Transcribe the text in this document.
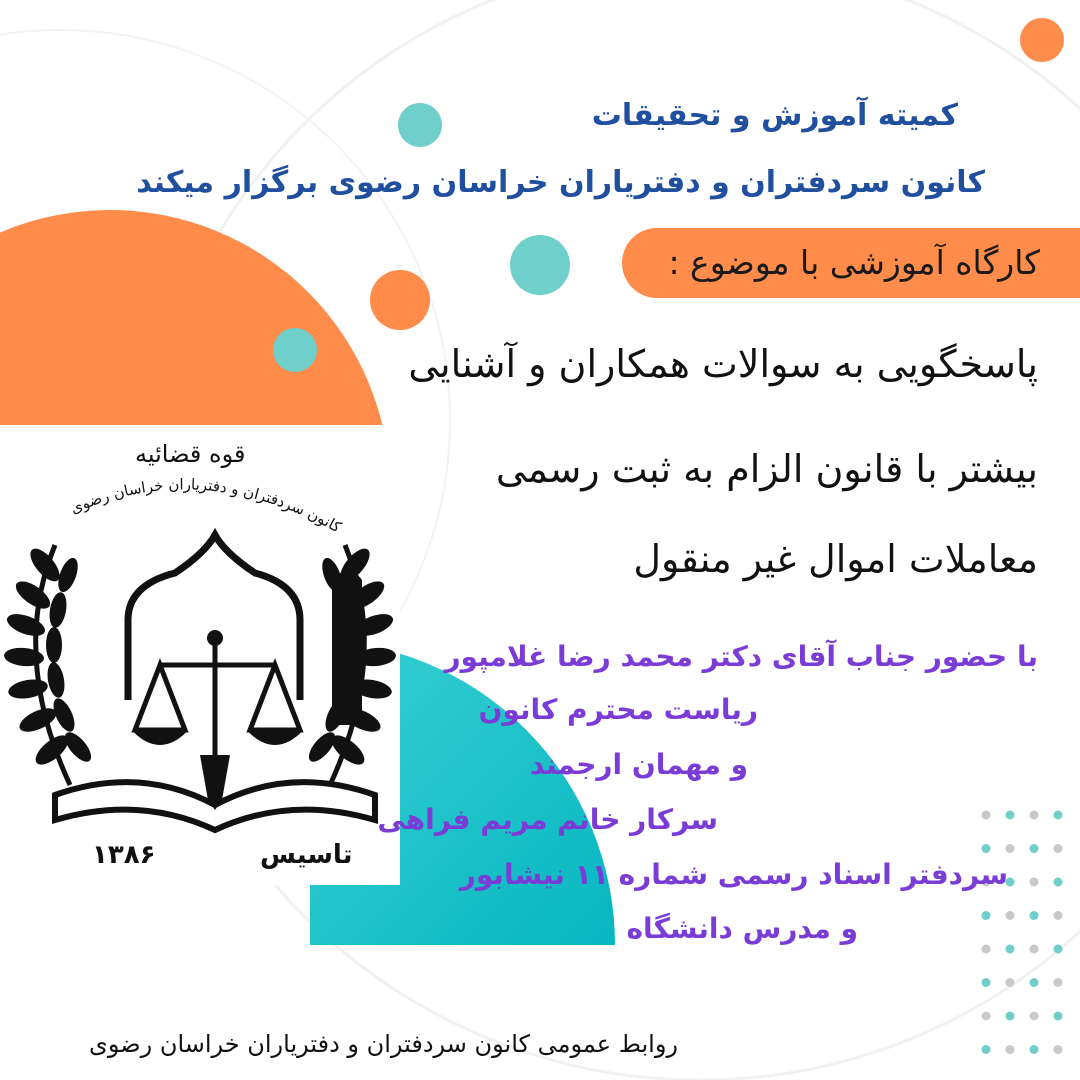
کمیته آموزش و تحقیقات
کانون سردفتران و دفتریاران خراسان رضوی برگزار میکند
کارگاه آموزشی با موضوع :
پاسخگویی به سوالات همکاران و آشنایی
بیشتر با قانون الزام به ثبت رسمی
معاملات اموال غیر منقول
با حضور جناب آقای دکتر محمد رضا غلامپور
ریاست محترم کانون
و مهمان ارجمند
سرکار خانم مریم فراهی
سردفتر اسناد رسمی شماره ۱۱ نیشابور
و مدرس دانشگاه
قوه قضائیه
کانون سردفتران و دفتریاران خراسان رضوی
تاسیس
۱۳۸۶
روابط عمومی کانون سردفتران و دفتریاران خراسان رضوی
